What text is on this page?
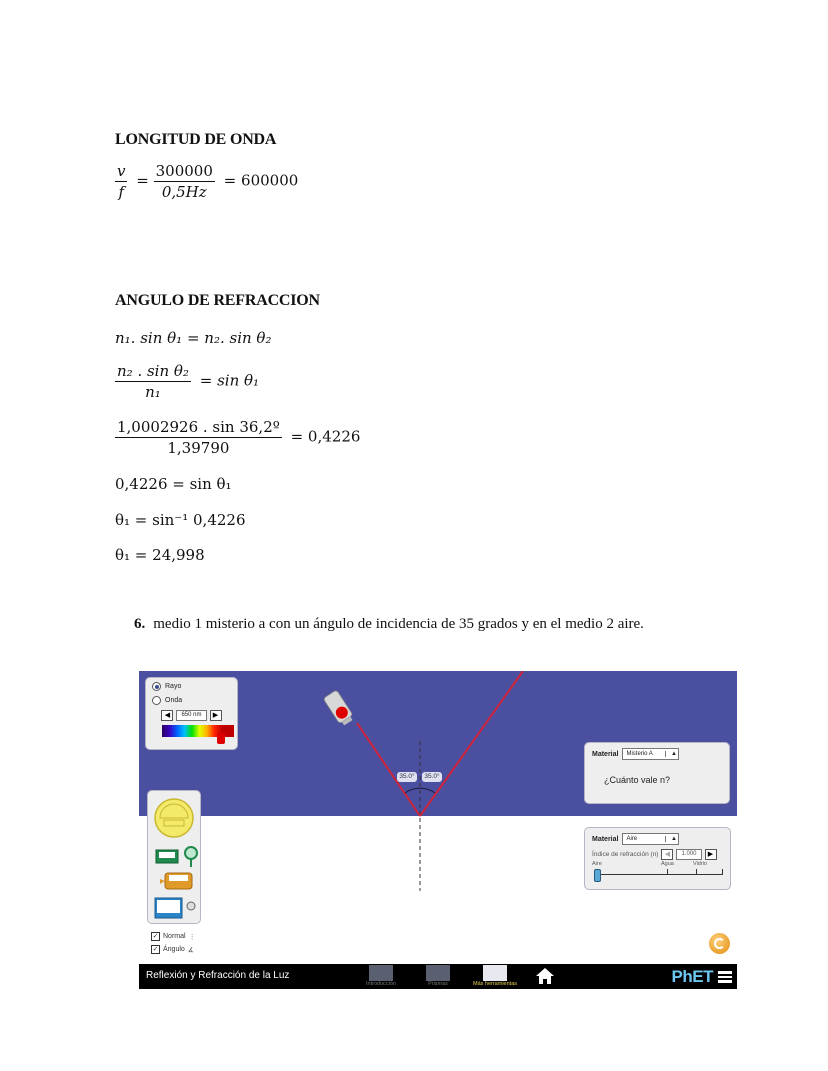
LONGITUD DE ONDA
$\frac{v}{f} = \frac{300000}{0,5Hz} = 600000$
ANGULO DE REFRACCION
n₁. sin θ₁ = n₂. sin θ₂
$\frac{\text{n₂ . sin θ₂}}{\text{n₁}} = \sin \theta_1$
$\frac{\text{1,0002926 . sin 36,2º}}{1,39790} = 0,4226$
0,4226 = sin θ₁
θ₁ = sin⁻¹ 0,4226
θ₁ = 24,998
6. medio 1 misterio a con un ángulo de incidencia de 35 grados y en el medio 2 aire.
35.0°	35.0°
Rayo
Onda
◀	650 nm	▶
Material	Misterio A	▲
¿Cuánto vale n?
Material	Aire	▲
Índice de refracción (n) ◀	1.000	▶
Aire	Agua	Vidrio
✓ Normal ⋮
✓ Ángulo ∡
Reflexión y Refracción de la Luz
Introducción	Prismas	Más herramientas	PhET
